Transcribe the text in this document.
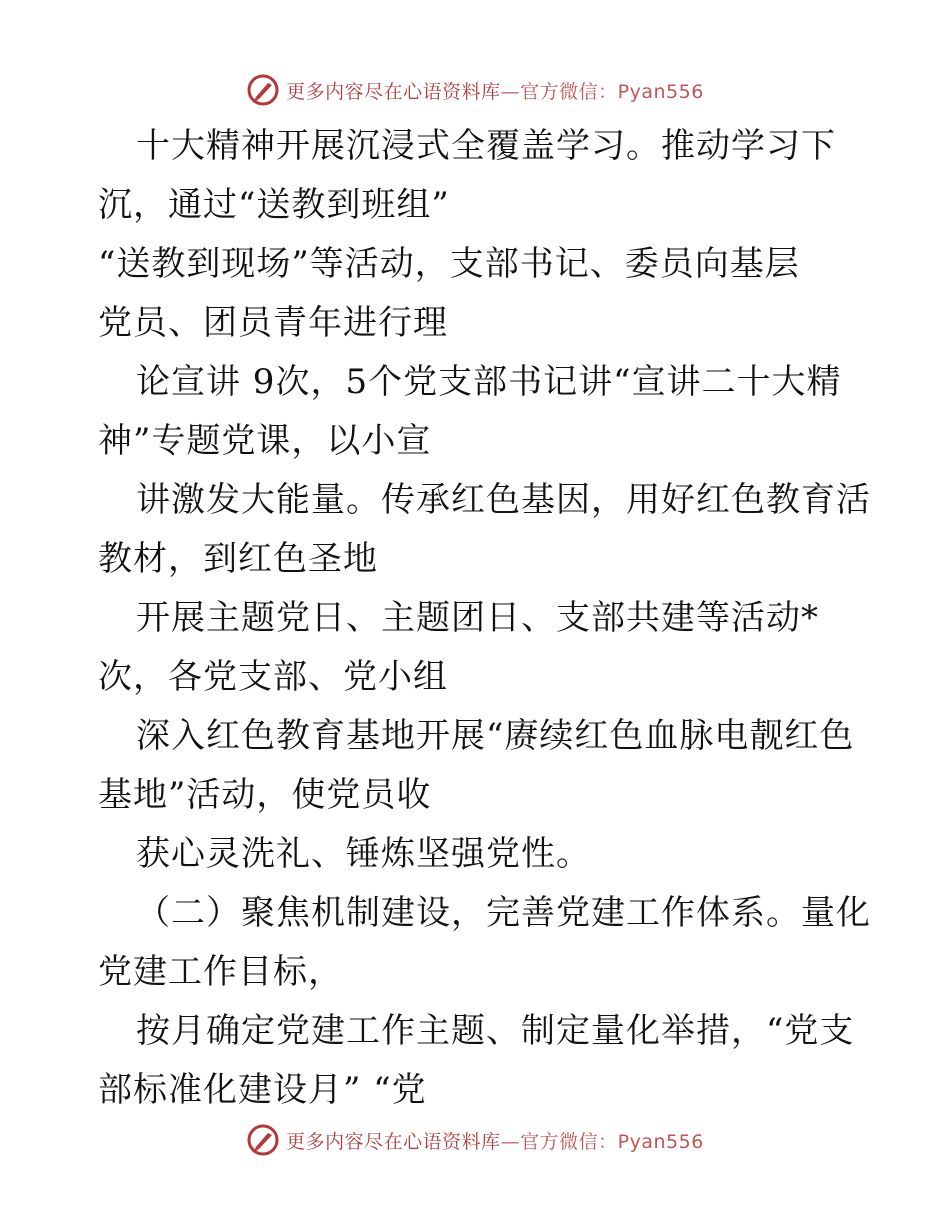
更多内容尽在心语资料库—官方微信：Pyan556
十大精神开展沉浸式全覆盖学习。推动学习下
沉，通过“送教到班组”
“送教到现场”等活动，支部书记、委员向基层
党员、团员青年进行理
论宣讲 9次，5个党支部书记讲“宣讲二十大精
神”专题党课，以小宣
讲激发大能量。传承红色基因，用好红色教育活
教材，到红色圣地
开展主题党日、主题团日、支部共建等活动*
次，各党支部、党小组
深入红色教育基地开展“赓续红色血脉电靓红色
基地”活动，使党员收
获心灵洗礼、锤炼坚强党性。
（二）聚焦机制建设，完善党建工作体系。量化
党建工作目标，
按月确定党建工作主题、制定量化举措，“党支
部标准化建设月” “党
更多内容尽在心语资料库—官方微信：Pyan556
